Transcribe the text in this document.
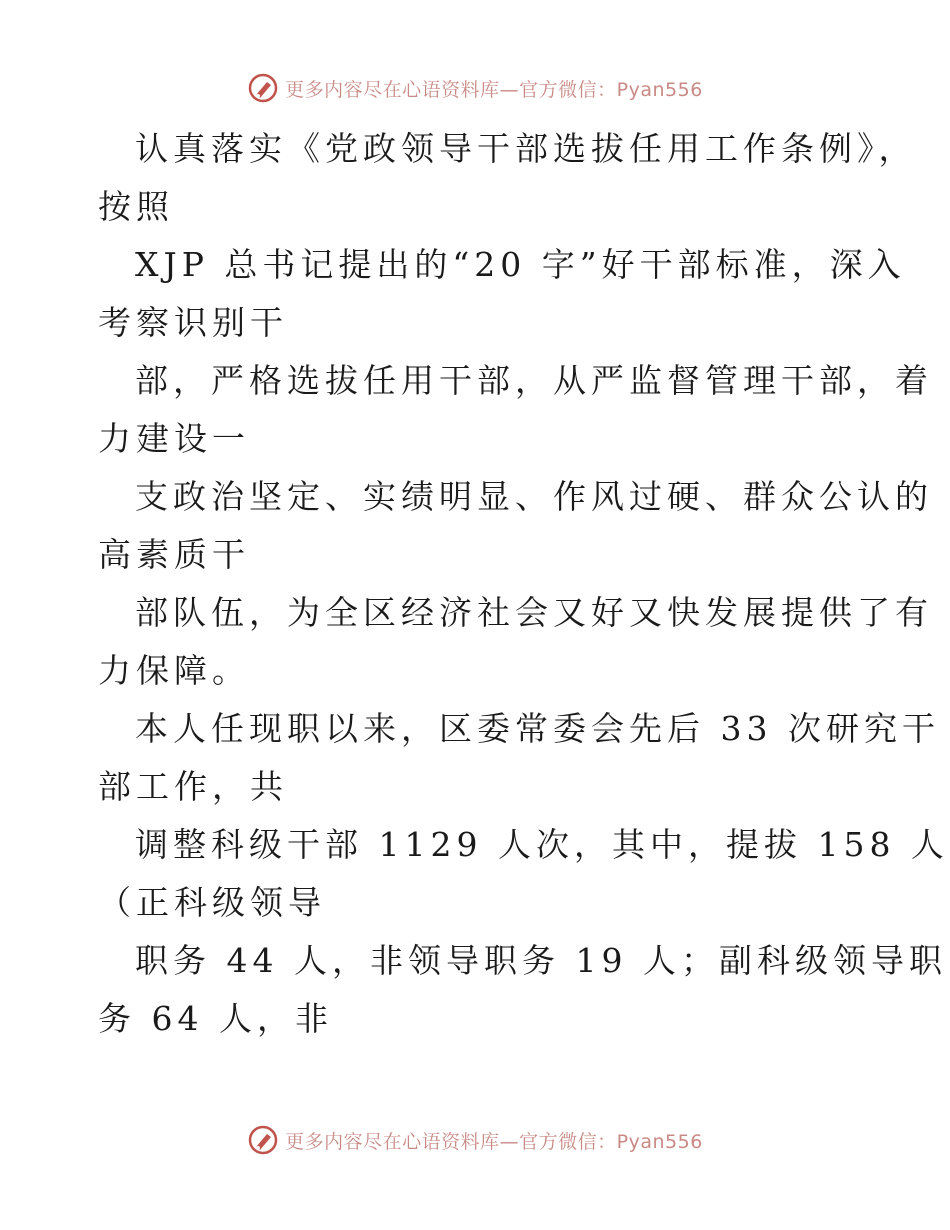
更多内容尽在心语资料库—官方微信：Pyan556
认真落实《党政领导干部选拔任用工作条例》，
按照
XJP 总书记提出的“20 字”好干部标准，深入
考察识别干
部，严格选拔任用干部，从严监督管理干部，着
力建设一
支政治坚定、实绩明显、作风过硬、群众公认的
高素质干
部队伍，为全区经济社会又好又快发展提供了有
力保障。
本人任现职以来，区委常委会先后 33 次研究干
部工作，共
调整科级干部 1129 人次，其中，提拔 158 人
（正科级领导
职务 44 人，非领导职务 19 人；副科级领导职
务 64 人，非
更多内容尽在心语资料库—官方微信：Pyan556
